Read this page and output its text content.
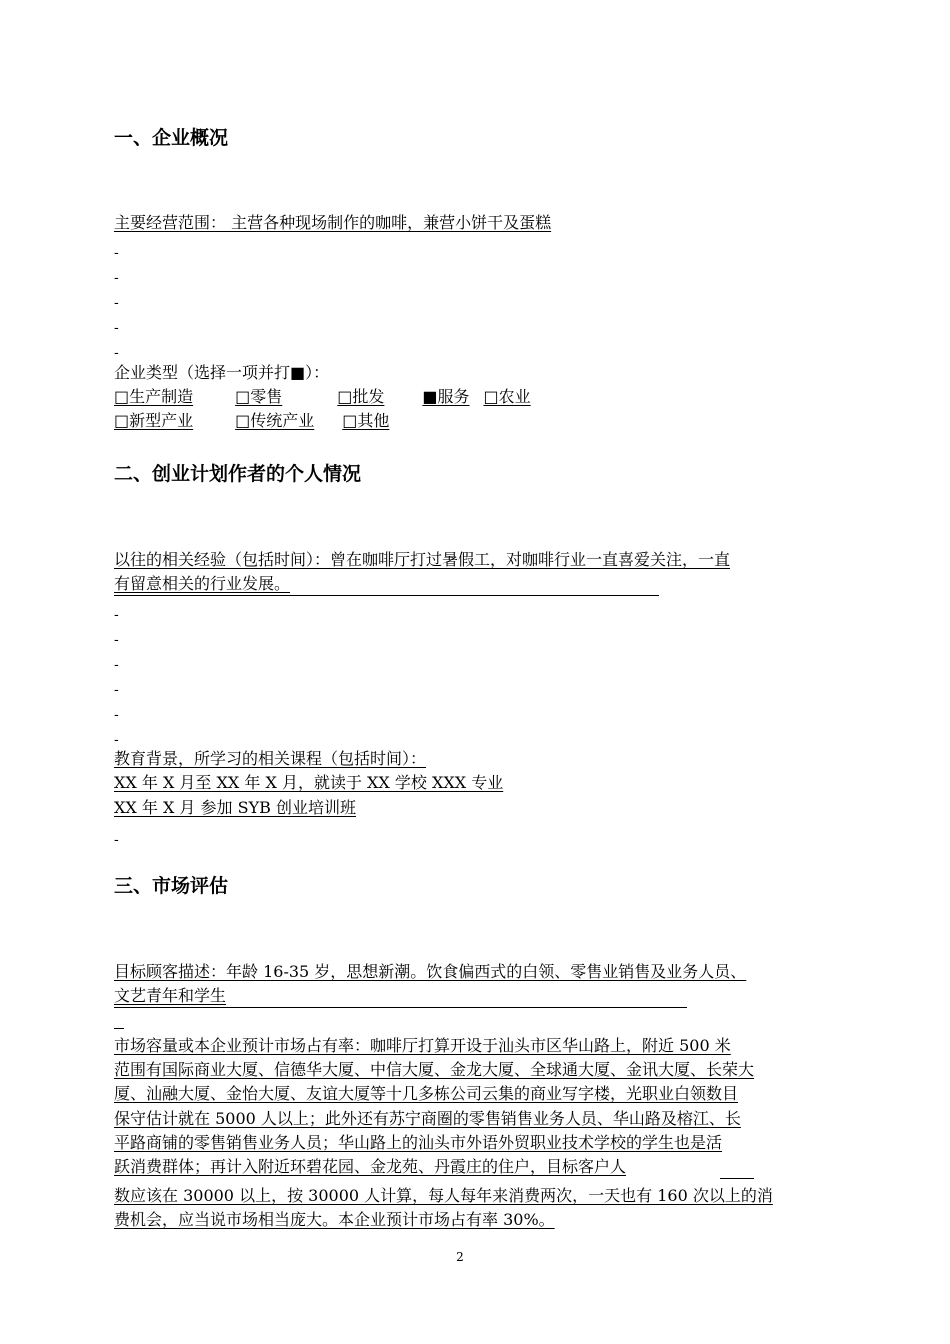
一、企业概况
主要经营范围： 主营各种现场制作的咖啡，兼营小饼干及蛋糕
-
-
-
-
-
企业类型（选择一项并打■）：
□生产制造	□零售	□批发 ■服务 □农业
□新型产业	□传统产业 □其他
二、创业计划作者的个人情况
以往的相关经验（包括时间）：曾在咖啡厅打过暑假工，对咖啡行业一直喜爱关注，一直
有留意相关的行业发展。
-
-
-
-
-
-
教育背景，所学习的相关课程（包括时间）：
XX 年 X 月至 XX 年 X 月，就读于 XX 学校 XXX 专业
XX 年 X 月 参加 SYB 创业培训班
-
三、市场评估
目标顾客描述：年龄 16-35 岁，思想新潮。饮食偏西式的白领、零售业销售及业务人员、
文艺青年和学生
市场容量或本企业预计市场占有率：咖啡厅打算开设于汕头市区华山路上，附近 500 米
范围有国际商业大厦、信德华大厦、中信大厦、金龙大厦、全球通大厦、金讯大厦、长荣大
厦、汕融大厦、金怡大厦、友谊大厦等十几多栋公司云集的商业写字楼，光职业白领数目
保守估计就在 5000 人以上；此外还有苏宁商圈的零售销售业务人员、华山路及榕江、长
平路商铺的零售销售业务人员；华山路上的汕头市外语外贸职业技术学校的学生也是活
跃消费群体；再计入附近环碧花园、金龙苑、丹霞庄的住户，目标客户人
数应该在 30000 以上，按 30000 人计算，每人每年来消费两次，一天也有 160 次以上的消
费机会，应当说市场相当庞大。本企业预计市场占有率 30%。
2
